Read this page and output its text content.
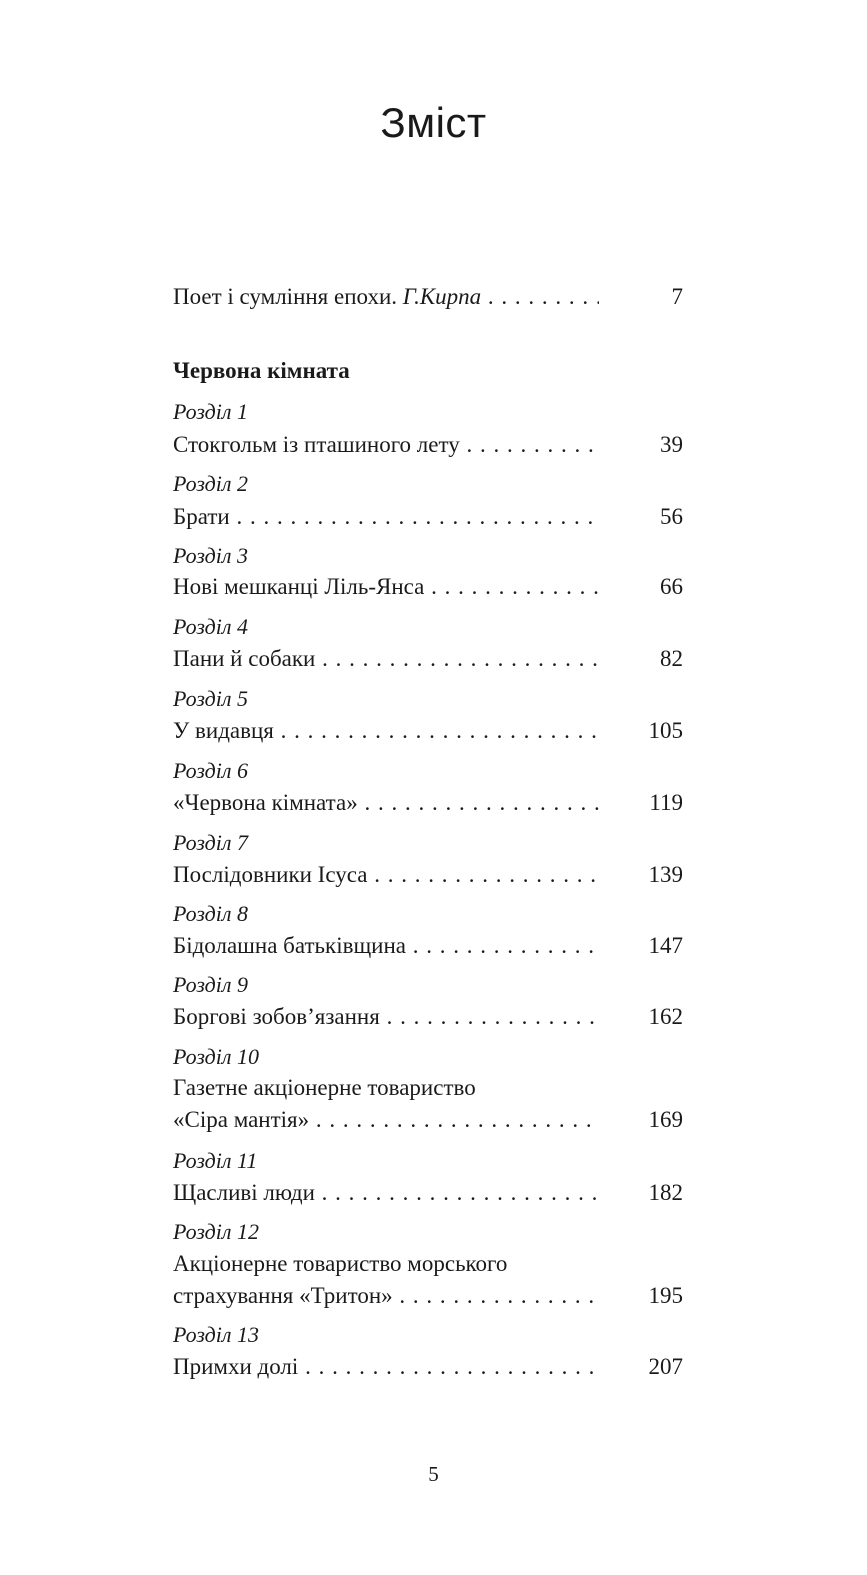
Зміст
Поет і сумління епохи. Г.Кирпа . . .	7
Червона кімната
Розділ 1
Стокгольм із пташиного лету . . .	39
Розділ 2
Брати . . .	56
Розділ 3
Нові мешканці Ліль-Янса . . .	66
Розділ 4
Пани й собаки . . .	82
Розділ 5
У видавця . . .	105
Розділ 6
«Червона кімната» . . .	119
Розділ 7
Послідовники Ісуса . . .	139
Розділ 8
Бідолашна батьківщина . . .	147
Розділ 9
Боргові зобов’язання . . .	162
Розділ 10
Газетне акціонерне товариство
«Сіра мантія» . . .	169
Розділ 11
Щасливі люди . . .	182
Розділ 12
Акціонерне товариство морського
страхування «Тритон» . . .	195
Розділ 13
Примхи долі . . .	207
5
